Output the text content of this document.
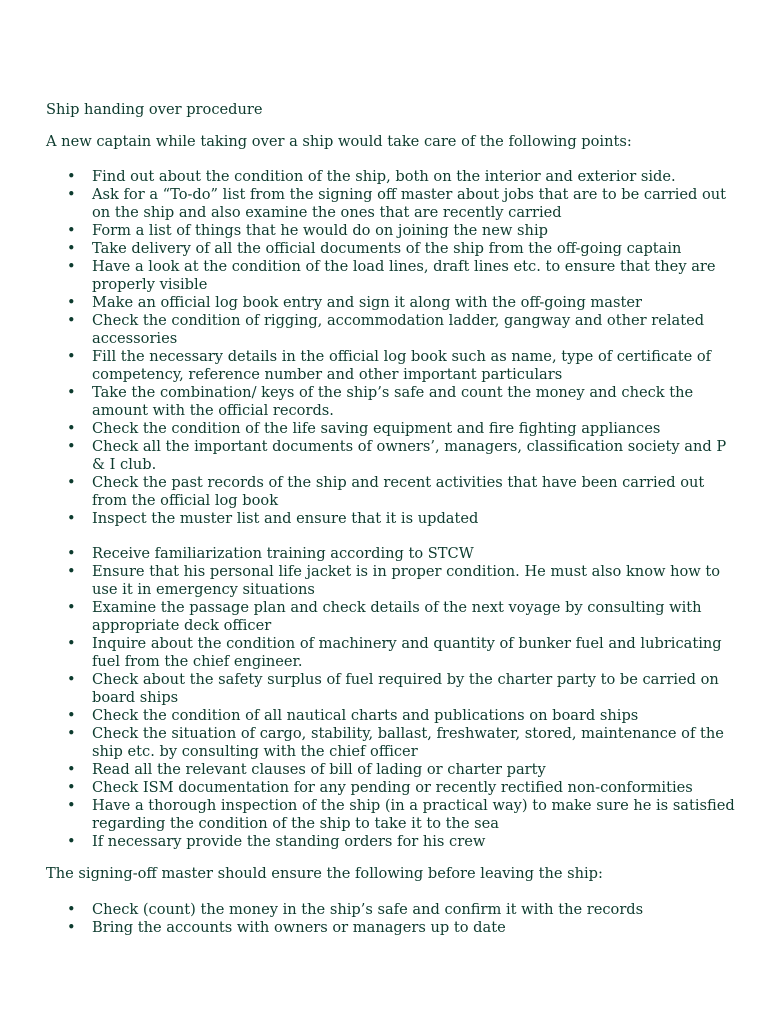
Ship handing over procedure

A new captain while taking over a ship would take care of the following points:

• Find out about the condition of the ship, both on the interior and exterior side.
• Ask for a “To-do” list from the signing off master about jobs that are to be carried out on the ship and also examine the ones that are recently carried
• Form a list of things that he would do on joining the new ship
• Take delivery of all the official documents of the ship from the off-going captain
• Have a look at the condition of the load lines, draft lines etc. to ensure that they are properly visible
• Make an official log book entry and sign it along with the off-going master
• Check the condition of rigging, accommodation ladder, gangway and other related accessories
• Fill the necessary details in the official log book such as name, type of certificate of competency, reference number and other important particulars
• Take the combination/ keys of the ship’s safe and count the money and check the amount with the official records.
• Check the condition of the life saving equipment and fire fighting appliances
• Check all the important documents of owners’, managers, classification society and P & I club.
• Check the past records of the ship and recent activities that have been carried out from the official log book
• Inspect the muster list and ensure that it is updated
• Receive familiarization training according to STCW
• Ensure that his personal life jacket is in proper condition. He must also know how to use it in emergency situations
• Examine the passage plan and check details of the next voyage by consulting with appropriate deck officer
• Inquire about the condition of machinery and quantity of bunker fuel and lubricating fuel from the chief engineer.
• Check about the safety surplus of fuel required by the charter party to be carried on board ships
• Check the condition of all nautical charts and publications on board ships
• Check the situation of cargo, stability, ballast, freshwater, stored, maintenance of the ship etc. by consulting with the chief officer
• Read all the relevant clauses of bill of lading or charter party
• Check ISM documentation for any pending or recently rectified non-conformities
• Have a thorough inspection of the ship (in a practical way) to make sure he is satisfied regarding the condition of the ship to take it to the sea
• If necessary provide the standing orders for his crew

The signing-off master should ensure the following before leaving the ship:

• Check (count) the money in the ship’s safe and confirm it with the records
• Bring the accounts with owners or managers up to date
